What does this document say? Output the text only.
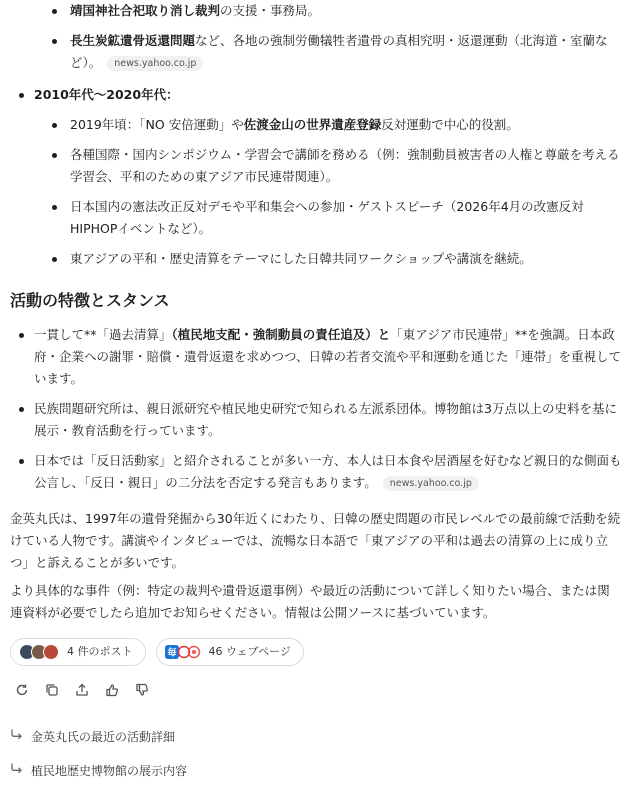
靖国神社合祀取り消し裁判の支援・事務局。
長生炭鉱遺骨返還問題など、各地の強制労働犠牲者遺骨の真相究明・返還運動（北海道・室蘭など）。 news.yahoo.co.jp
2010年代〜2020年代：
2019年頃：「NO 安倍運動」や佐渡金山の世界遺産登録反対運動で中心的役割。
各種国際・国内シンポジウム・学習会で講師を務める（例：強制動員被害者の人権と尊厳を考える学習会、平和のための東アジア市民連帯関連）。
日本国内の憲法改正反対デモや平和集会への参加・ゲストスピーチ（2026年4月の改憲反対HIPHOPイベントなど）。
東アジアの平和・歴史清算をテーマにした日韓共同ワークショップや講演を継続。
活動の特徴とスタンス
一貫して**「過去清算」（植民地支配・強制動員の責任追及）と「東アジア市民連帯」**を強調。日本政府・企業への謝罪・賠償・遺骨返還を求めつつ、日韓の若者交流や平和運動を通じた「連帯」を重視しています。
民族問題研究所は、親日派研究や植民地史研究で知られる左派系団体。博物館は3万点以上の史料を基に展示・教育活動を行っています。
日本では「反日活動家」と紹介されることが多い一方、本人は日本食や居酒屋を好むなど親日的な側面も公言し、「反日・親日」の二分法を否定する発言もあります。 news.yahoo.co.jp

金英丸氏は、1997年の遺骨発掘から30年近くにわたり、日韓の歴史問題の市民レベルでの最前線で活動を続けている人物です。講演やインタビューでは、流暢な日本語で「東アジアの平和は過去の清算の上に成り立つ」と訴えることが多いです。

より具体的な事件（例：特定の裁判や遺骨返還事例）や最近の活動について詳しく知りたい場合、または関連資料が必要でしたら追加でお知らせください。情報は公開ソースに基づいています。

4 件のポスト	毎	46 ウェブページ
金英丸氏の最近の活動詳細
植民地歴史博物館の展示内容
